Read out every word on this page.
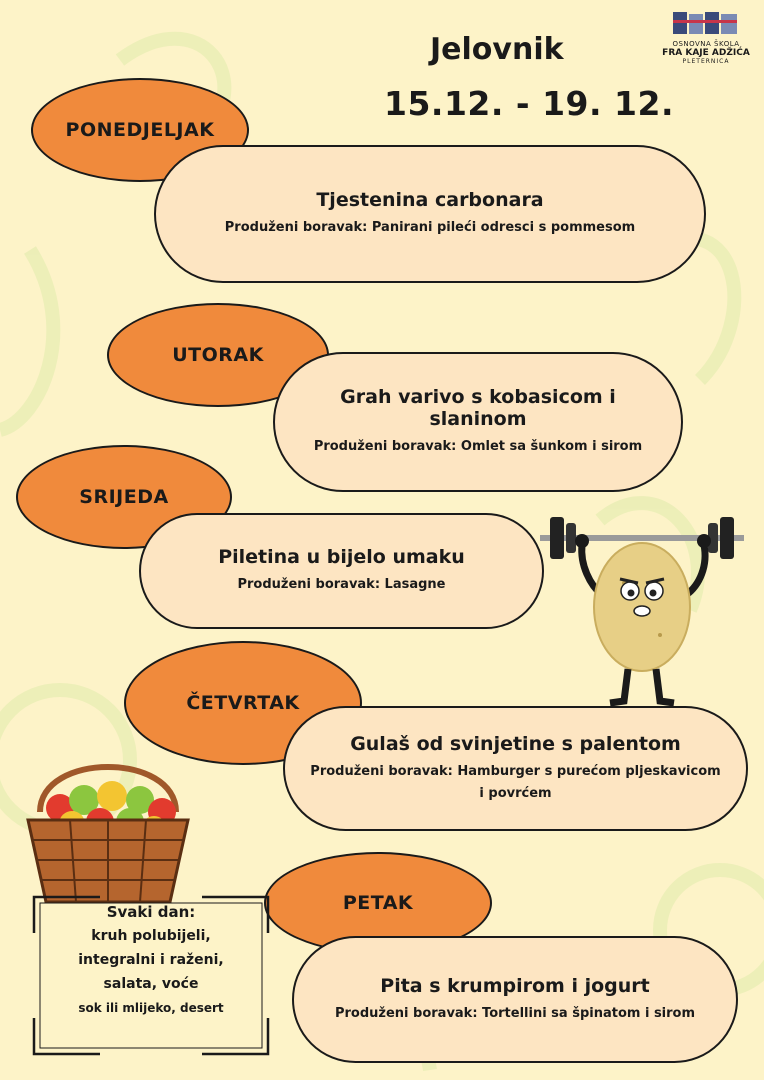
Jelovnik
15.12. - 19. 12.
OSNOVNA ŠKOLA
FRA KAJE ADŽIĆA
PLETERNICA
PONEDJELJAK
Tjestenina carbonara
Produženi boravak: Panirani pileći odresci s pommesom
UTORAK
Grah varivo s kobasicom i slaninom
Produženi boravak: Omlet sa šunkom i sirom
SRIJEDA
Piletina u bijelo umaku
Produženi boravak: Lasagne
ČETVRTAK
Gulaš od svinjetine s palentom
Produženi boravak: Hamburger s purećom pljeskavicom i povrćem
PETAK
Pita s krumpirom i jogurt
Produženi boravak: Tortellini sa špinatom i sirom
Svaki dan:
kruh polubijeli,
integralni i raženi,
salata, voće
sok ili mlijeko, desert
